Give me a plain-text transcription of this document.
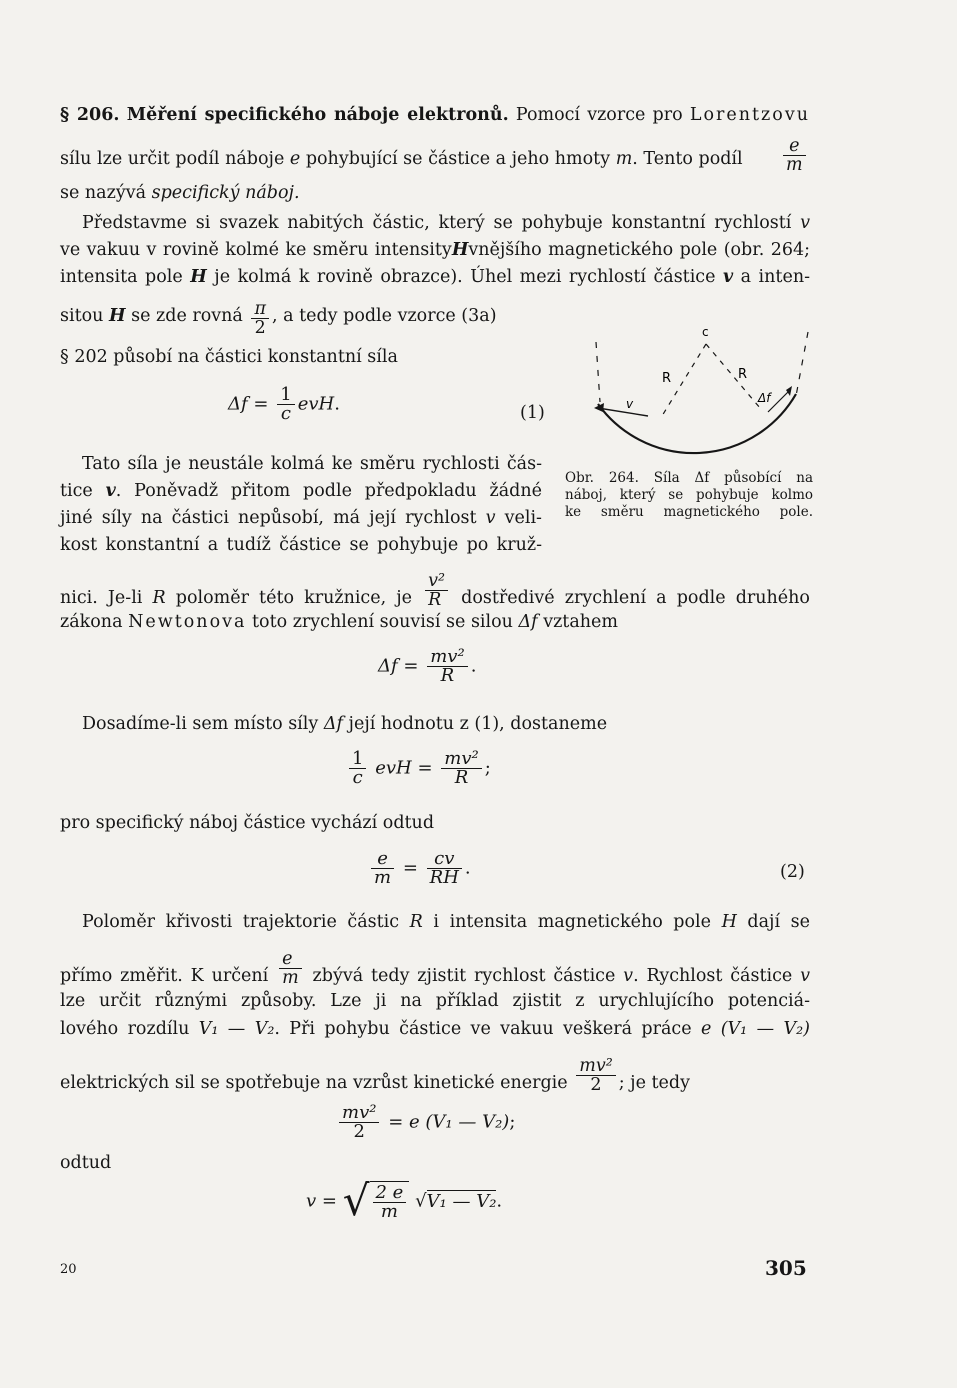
§ 206. Měření specifického náboje elektronů. Pomocí vzorce pro Lorentzovu
sílu lze určit podíl náboje e pohybující se částice a jeho hmoty m. Tento podíl	$\frac{e}{m}$
se nazývá specifický náboj.
Představme si svazek nabitých částic, který se pohybuje konstantní rychlostí v
ve vakuu v rovině kolmé ke směru intensityHvnějšího magnetického pole (obr. 264;
intensita pole H je kolmá k rovině obrazce). Úhel mezi rychlostí částice v a inten-
sitou H se zde rovná $\frac{\pi}{2}$ , a tedy podle vzorce (3a)
§ 202 působí na částici konstantní síla
$\Delta f = \frac{1}{c}$ evH.	(1)
c
R	R
v	Δf
Obr. 264. Síla Δf působící na
náboj, který se pohybuje kolmo
ke směru magnetického pole.
Tato síla je neustále kolmá ke směru rychlosti čás-
tice v. Poněvadž přitom podle předpokladu žádné
jiné síly na částici nepůsobí, má její rychlost v veli-
kost konstantní a tudíž částice se pohybuje po kruž-
nici. Je-li R poloměr této kružnice, je $\frac{\text{v²}}{R}$ dostředivé zrychlení a podle druhého
zákona Newtonova toto zrychlení souvisí se silou Δf vztahem
$\Delta f = \frac{\text{mv²}}{R}$ .
Dosadíme-li sem místo síly Δf její hodnotu z (1), dostaneme
$\frac{1}{c}$ evH = $\frac{\text{mv²}}{R}$ ;
pro specifický náboj částice vychází odtud
$\frac{e}{m} = \frac{cv}{RH}$ .	(2)
Poloměr křivosti trajektorie částic R i intensita magnetického pole H dají se
přímo změřit. K určení $\frac{e}{m}$ zbývá tedy zjistit rychlost částice v. Rychlost částice v
lze určit různými způsoby. Lze ji na příklad zjistit z urychlujícího potenciá-
lového rozdílu V₁ — V₂. Při pohybu částice ve vakuu veškerá práce e (V₁ — V₂)
elektrických sil se spotřebuje na vzrůst kinetické energie $\frac{\text{mv²}}{2}$ ; je tedy
$\frac{\text{mv²}}{2} = e$ (V₁ — V₂);
odtud
v = √ $\frac{2 e}{m} √V_1$ — V₂.
20	305
